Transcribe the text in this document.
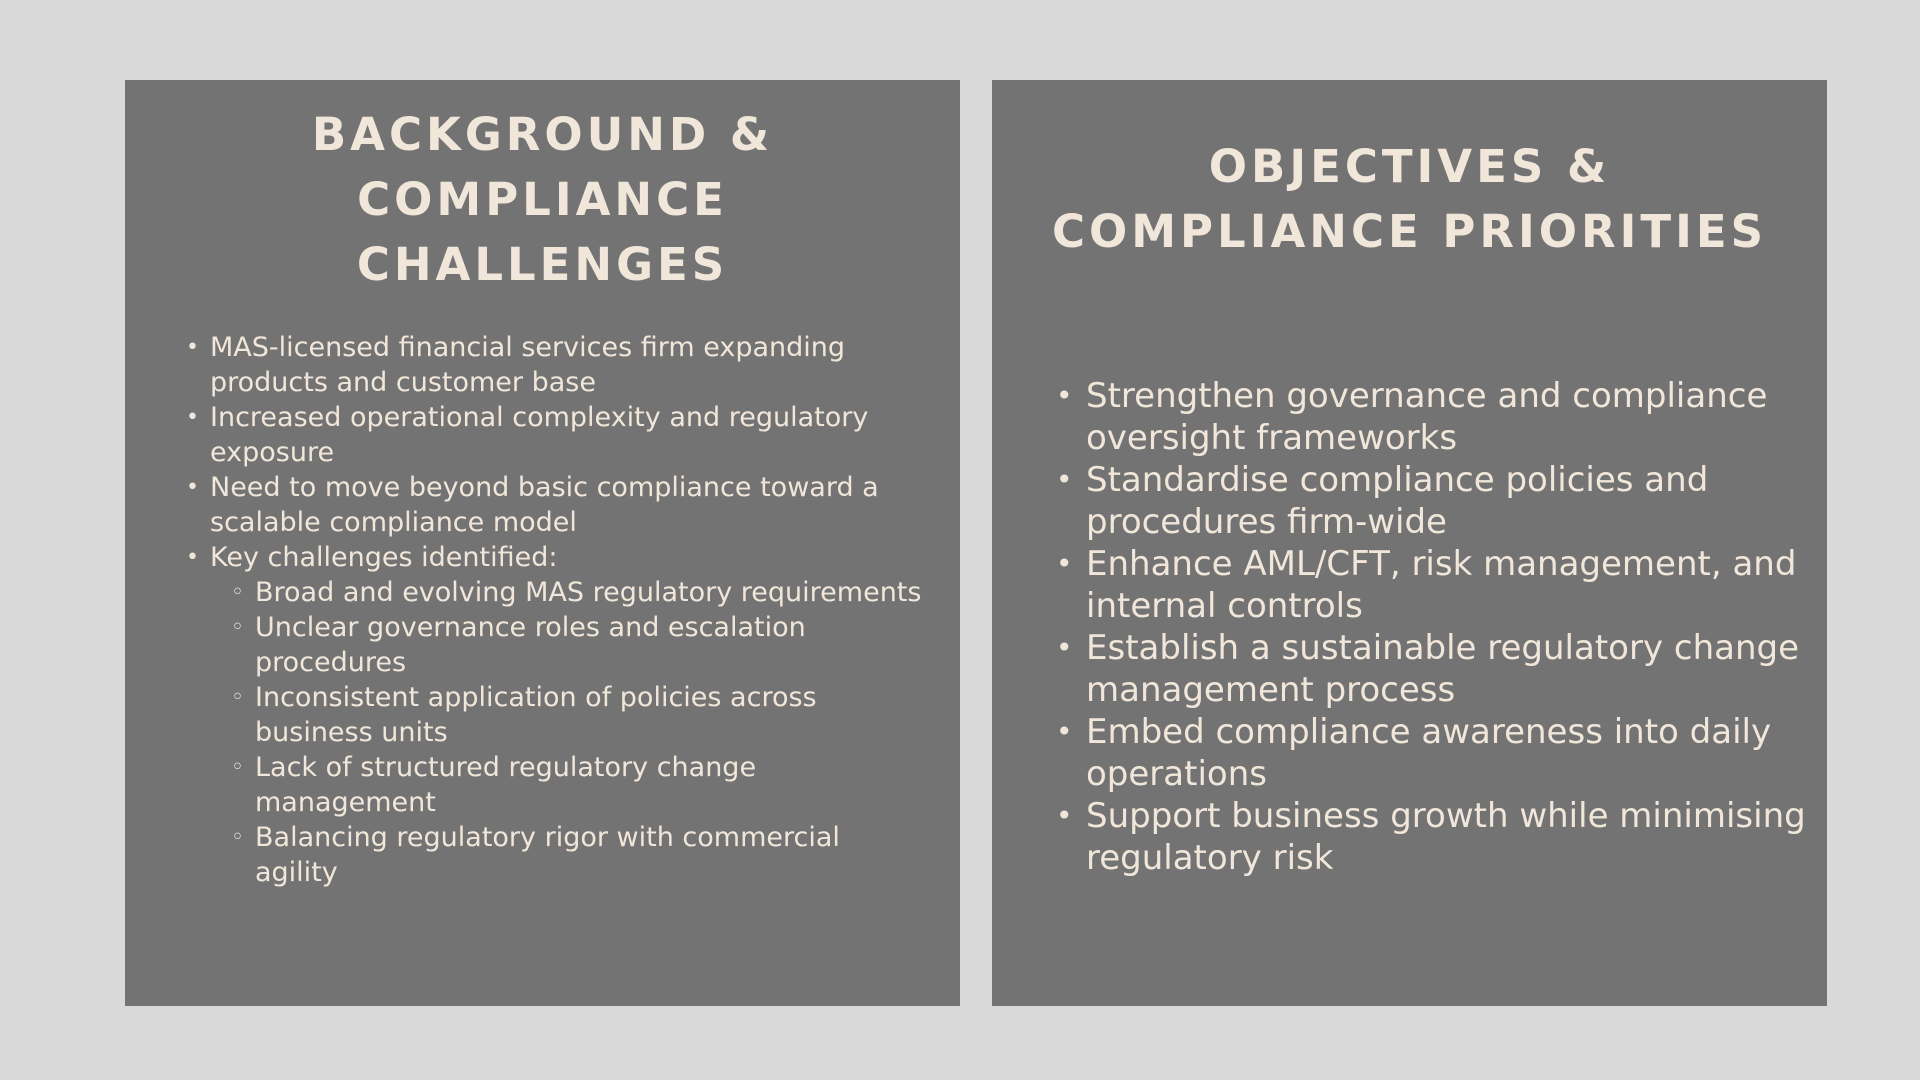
BACKGROUND &
COMPLIANCE
CHALLENGES
• MAS-licensed financial services firm expanding products and customer base
• Increased operational complexity and regulatory exposure
• Need to move beyond basic compliance toward a scalable compliance model
• Key challenges identified:
◦ Broad and evolving MAS regulatory requirements
◦ Unclear governance roles and escalation procedures
◦ Inconsistent application of policies across business units
◦ Lack of structured regulatory change management
◦ Balancing regulatory rigor with commercial agility
OBJECTIVES &
COMPLIANCE PRIORITIES
• Strengthen governance and compliance oversight frameworks
• Standardise compliance policies and procedures firm-wide
• Enhance AML/CFT, risk management, and internal controls
• Establish a sustainable regulatory change management process
• Embed compliance awareness into daily operations
• Support business growth while minimising regulatory risk
